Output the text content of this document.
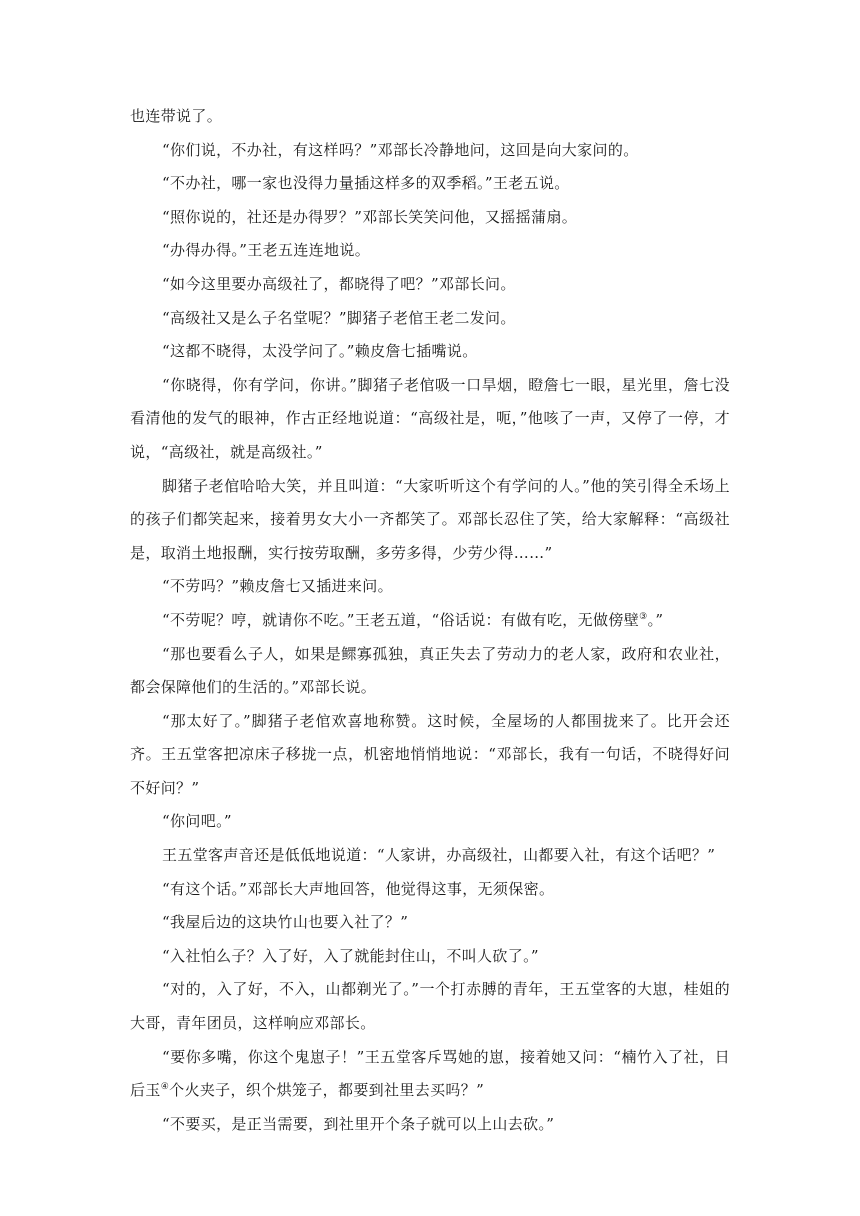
也连带说了。

“你们说，不办社，有这样吗？”邓部长冷静地问，这回是向大家问的。

“不办社，哪一家也没得力量插这样多的双季稻。”王老五说。

“照你说的，社还是办得罗？”邓部长笑笑问他，又摇摇蒲扇。

“办得办得。”王老五连连地说。

“如今这里要办高级社了，都晓得了吧？”邓部长问。

“高级社又是么子名堂呢？”脚猪子老倌王老二发问。

“这都不晓得，太没学问了。”赖皮詹七插嘴说。

“你晓得，你有学问，你讲。”脚猪子老倌吸一口旱烟，瞪詹七一眼，星光里，詹七没看清他的发气的眼神，作古正经地说道：“高级社是，呃，”他咳了一声，又停了一停，才说，“高级社，就是高级社。”

脚猪子老倌哈哈大笑，并且叫道：“大家听听这个有学问的人。”他的笑引得全禾场上的孩子们都笑起来，接着男女大小一齐都笑了。邓部长忍住了笑，给大家解释：“高级社是，取消土地报酬，实行按劳取酬，多劳多得，少劳少得……”

“不劳吗？”赖皮詹七又插进来问。

“不劳呢？哼，就请你不吃。”王老五道，“俗话说：有做有吃，无做傍壁③。”

“那也要看么子人，如果是鳏寡孤独，真正失去了劳动力的老人家，政府和农业社，都会保障他们的生活的。”邓部长说。

“那太好了。”脚猪子老倌欢喜地称赞。这时候，全屋场的人都围拢来了。比开会还齐。王五堂客把凉床子移拢一点，机密地悄悄地说：“邓部长，我有一句话，不晓得好问不好问？”

“你问吧。”

王五堂客声音还是低低地说道：“人家讲，办高级社，山都要入社，有这个话吧？”

“有这个话。”邓部长大声地回答，他觉得这事，无须保密。

“我屋后边的这块竹山也要入社了？”

“入社怕么子？入了好，入了就能封住山，不叫人砍了。”

“对的，入了好，不入，山都剃光了。”一个打赤膊的青年，王五堂客的大崽，桂姐的大哥，青年团员，这样响应邓部长。

“要你多嘴，你这个鬼崽子！”王五堂客斥骂她的崽，接着她又问：“楠竹入了社，日后玉④个火夹子，织个烘笼子，都要到社里去买吗？”

“不要买，是正当需要，到社里开个条子就可以上山去砍。”
